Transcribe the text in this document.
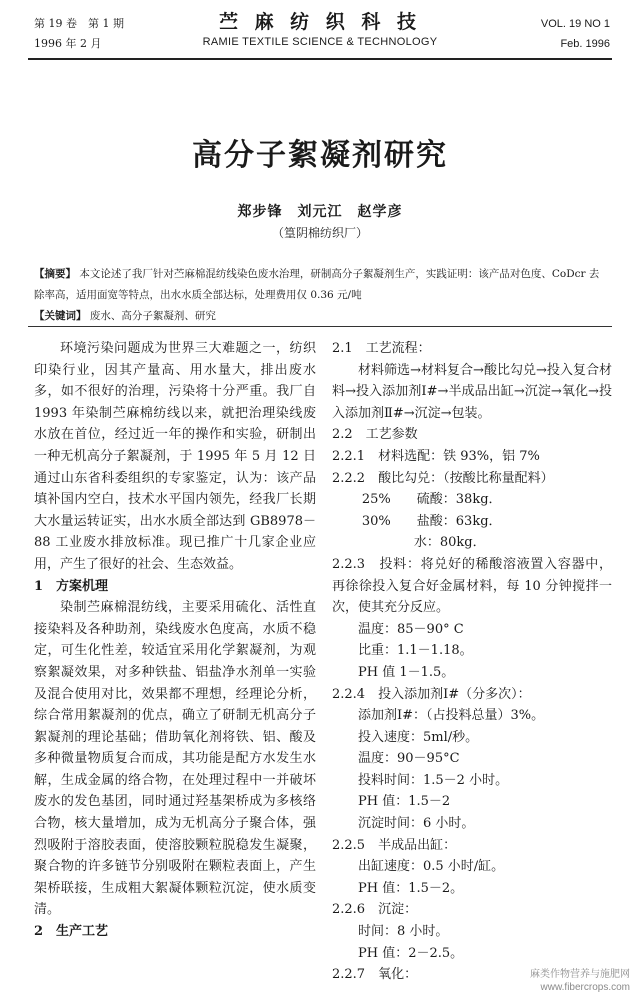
第 19 卷　第 1 期
1996 年 2 月
苎 麻 纺 织 科 技
RAMIE TEXTILE SCIENCE & TECHNOLOGY
VOL. 19 NO 1
Feb. 1996
高分子絮凝剂研究
郑步锋　刘元江　赵学彦
（篁阴棉纺织厂）
【摘要】 本文论述了我厂针对苎麻棉混纺线染色废水治理，研制高分子絮凝剂生产，实践证明：该产品对色度、CoDcr 去除率高，适用面宽等特点，出水水质全部达标，处理费用仅 0.36 元/吨
【关键词】 废水、高分子絮凝剂、研究

环境污染问题成为世界三大难题之一，纺织印染行业，因其产量高、用水量大，排出废水多，如不很好的治理，污染将十分严重。我厂自 1993 年染制苎麻棉纺线以来，就把治理染线废水放在首位，经过近一年的操作和实验，研制出一种无机高分子絮凝剂，于 1995 年 5 月 12 日通过山东省科委组织的专家鉴定，认为：该产品填补国内空白，技术水平国内领先，经我厂长期大水量运转证实，出水水质全部达到 GB8978－88 工业废水排放标准。现已推广十几家企业应用，产生了很好的社会、生态效益。

1　方案机理

染制苎麻棉混纺线，主要采用硫化、活性直接染料及各种助剂，染线废水色度高，水质不稳定，可生化性差，较适宜采用化学絮凝剂，为观察絮凝效果，对多种铁盐、铝盐净水剂单一实验及混合使用对比，效果都不理想，经理论分析，综合常用絮凝剂的优点，确立了研制无机高分子絮凝剂的理论基础；借助氧化剂将铁、铝、酸及多种微量物质复合而成，其功能是配方水发生水解，生成金属的络合物，在处理过程中一并破坏废水的发色基团，同时通过羟基架桥成为多核络合物，核大量增加，成为无机高分子聚合体，强烈吸附于溶胶表面，使溶胶颗粒脱稳发生凝聚，聚合物的许多链节分别吸附在颗粒表面上，产生架桥联接，生成粗大絮凝体颗粒沉淀，使水质变清。

2　生产工艺
2.1　工艺流程：

材料筛选→材料复合→酸比勾兑→投入复合材料→投入添加剂Ⅰ#→半成品出缸→沉淀→氧化→投入添加剂Ⅱ#→沉淀→包装。

2.2　工艺参数
2.2.1　材料选配：铁 93%，铝 7%
2.2.2　酸比勾兑：（按酸比称量配料）
25%　　硫酸：38kg．
30%　　盐酸：63kg．
　　　　水：80kg．
2.2.3　投料：将兑好的稀酸溶液置入容器中，再徐徐投入复合好金属材料，每 10 分钟搅拌一次，使其充分反应。
温度：85－90° C
比重：1.1－1.18。
PH 值 1－1.5。
2.2.4　投入添加剂Ⅰ#（分多次）：
添加剂Ⅰ#：（占投料总量）3%。
投入速度：5ml/秒。
温度：90－95°C
投料时间：1.5－2 小时。
PH 值：1.5－2
沉淀时间：6 小时。
2.2.5　半成品出缸：
出缸速度：0.5 小时/缸。
PH 值：1.5－2。
2.2.6　沉淀：
时间：8 小时。
PH 值：2－2.5。
2.2.7　氧化：	麻类作物营养与施肥网
www.fibercrops.com
